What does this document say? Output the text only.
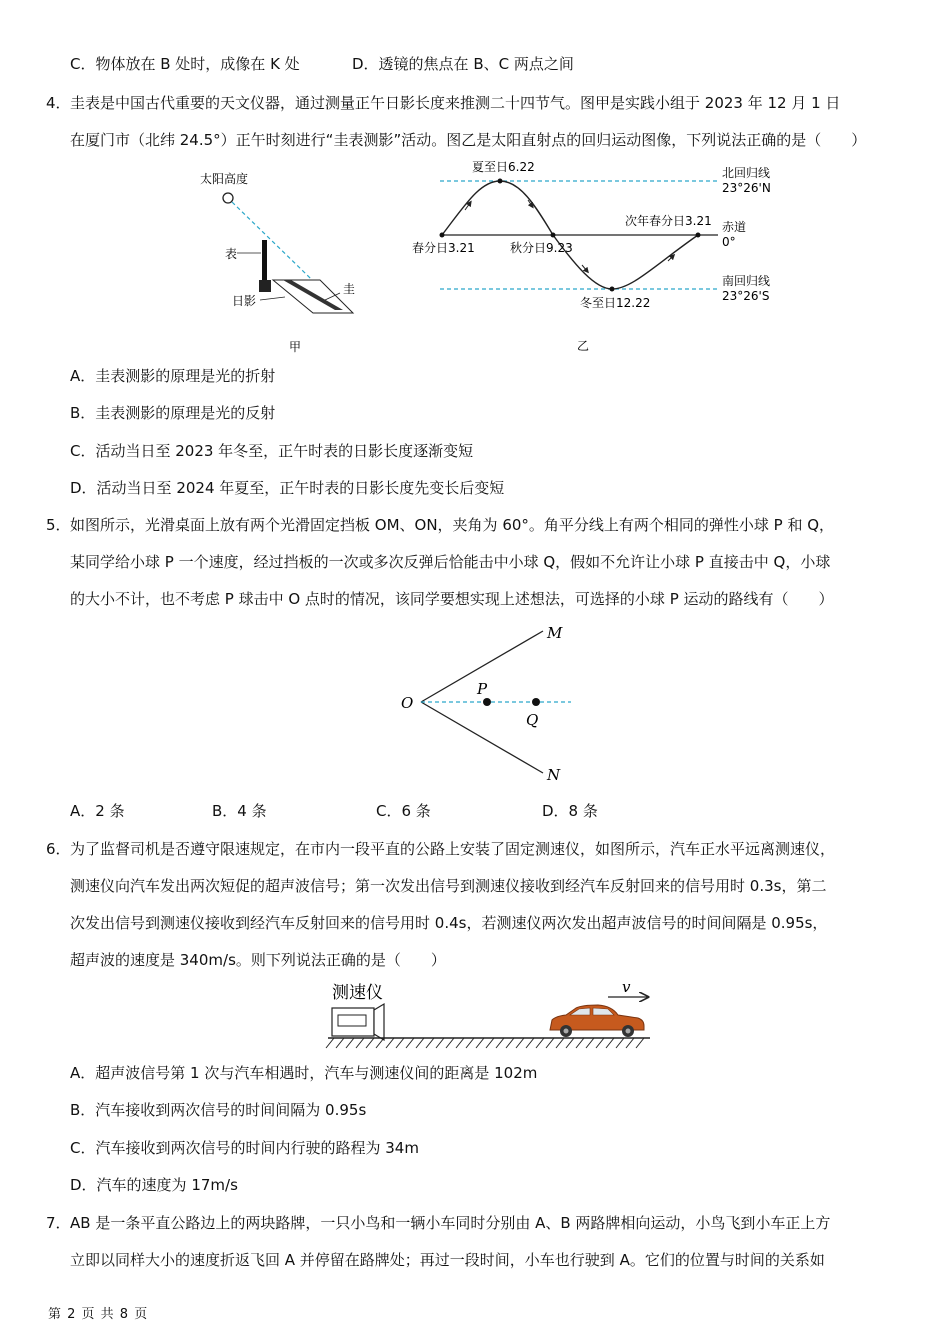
C．物体放在 B 处时，成像在 K 处	D．透镜的焦点在 B、C 两点之间
4． 圭表是中国古代重要的天文仪器，通过测量正午日影长度来推测二十四节气。图甲是实践小组于 2023 年 12 月 1 日
在厦门市（北纬 24.5°）正午时刻进行“圭表测影”活动。图乙是太阳直射点的回归运动图像，下列说法正确的是（　　）
太阳高度
表
圭
日影
甲
夏至日6.22	北回归线
23°26'N
次年春分日3.21 赤道
0°
春分日3.21	秋分日9.23
南回归线
23°26'S
冬至日12.22
乙
A．圭表测影的原理是光的折射
B．圭表测影的原理是光的反射
C．活动当日至 2023 年冬至，正午时表的日影长度逐渐变短
D．活动当日至 2024 年夏至，正午时表的日影长度先变长后变短
5． 如图所示，光滑桌面上放有两个光滑固定挡板 OM、ON，夹角为 60°。角平分线上有两个相同的弹性小球 P 和 Q，
某同学给小球 P 一个速度，经过挡板的一次或多次反弹后恰能击中小球 Q，假如不允许让小球 P 直接击中 Q，小球
的大小不计，也不考虑 P 球击中 O 点时的情况，该同学要想实现上述想法，可选择的小球 P 运动的路线有（　　）
M
N
O
P
Q
A．2 条	B．4 条	C．6 条	D．8 条
6． 为了监督司机是否遵守限速规定，在市内一段平直的公路上安装了固定测速仪，如图所示，汽车正水平远离测速仪，
测速仪向汽车发出两次短促的超声波信号；第一次发出信号到测速仪接收到经汽车反射回来的信号用时 0.3s，第二
次发出信号到测速仪接收到经汽车反射回来的信号用时 0.4s，若测速仪两次发出超声波信号的时间间隔是 0.95s，
超声波的速度是 340m/s。则下列说法正确的是（　　）
测速仪	v
A．超声波信号第 1 次与汽车相遇时，汽车与测速仪间的距离是 102m
B．汽车接收到两次信号的时间间隔为 0.95s
C．汽车接收到两次信号的时间内行驶的路程为 34m
D．汽车的速度为 17m/s
7． AB 是一条平直公路边上的两块路牌，一只小鸟和一辆小车同时分别由 A、B 两路牌相向运动，小鸟飞到小车正上方
立即以同样大小的速度折返飞回 A 并停留在路牌处；再过一段时间，小车也行驶到 A。它们的位置与时间的关系如
第 2 页 共 8 页
